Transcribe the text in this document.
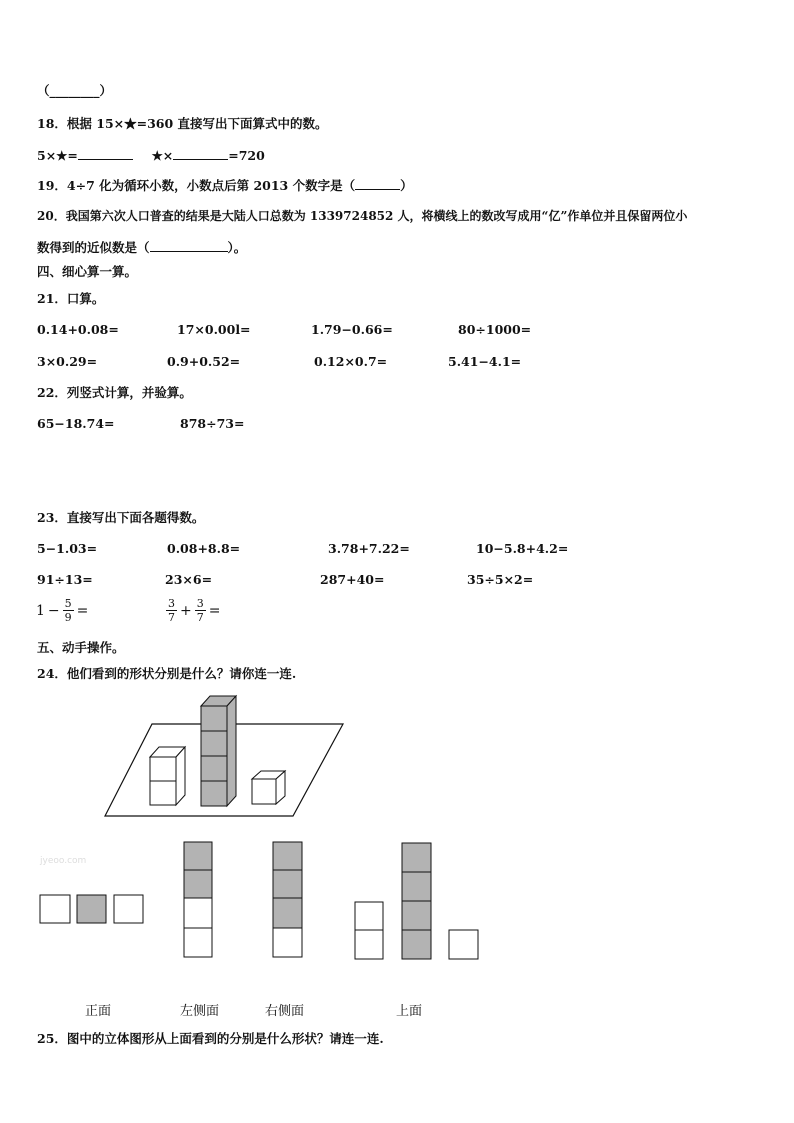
（________）
18．根据 15×★=360 直接写出下面算式中的数。
5×★=	★×	=720
19．4÷7 化为循环小数，小数点后第 2013 个数字是（	）
20．我国第六次人口普查的结果是大陆人口总数为 1339724852 人，将横线上的数改写成用“亿”作单位并且保留两位小
数得到的近似数是（	）。
四、细心算一算。
21．口算。
0.14+0.08=	17×0.00l=	1.79−0.66=	80÷1000=
3×0.29=	0.9+0.52=	0.12×0.7=	5.41−4.1=
22．列竖式计算，并验算。
65−18.74=	878÷73=
23．直接写出下面各题得数。
5−1.03=	0.08+8.8=	3.78+7.22=	10−5.8+4.2=
91÷13=	23×6=	287+40=	35÷5×2=
$1 - \frac{5}{9}$ =	$\frac{3}{7} + \frac{3}{7}$ =
五、动手操作。
24．他们看到的形状分别是什么？请你连一连.
jyeoo.com
正面	左侧面	右侧面	上面
25．图中的立体图形从上面看到的分别是什么形状？请连一连.
